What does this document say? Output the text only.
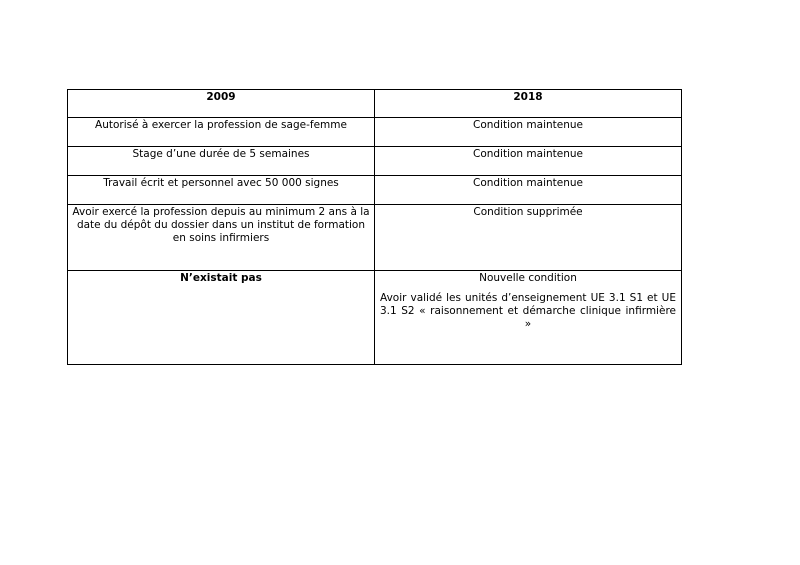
2009	2018
Autorisé à exercer la profession de sage-femme	Condition maintenue
Stage d’une durée de 5 semaines	Condition maintenue
Travail écrit et personnel avec 50 000 signes	Condition maintenue
Avoir exercé la profession depuis au minimum 2 ans à la date du dépôt du dossier dans un institut de formation en soins infirmiers	Condition supprimée
N’existait pas	Nouvelle condition
Avoir validé les unités d’enseignement UE 3.1 S1 et UE 3.1 S2 « raisonnement et démarche clinique infirmière »
